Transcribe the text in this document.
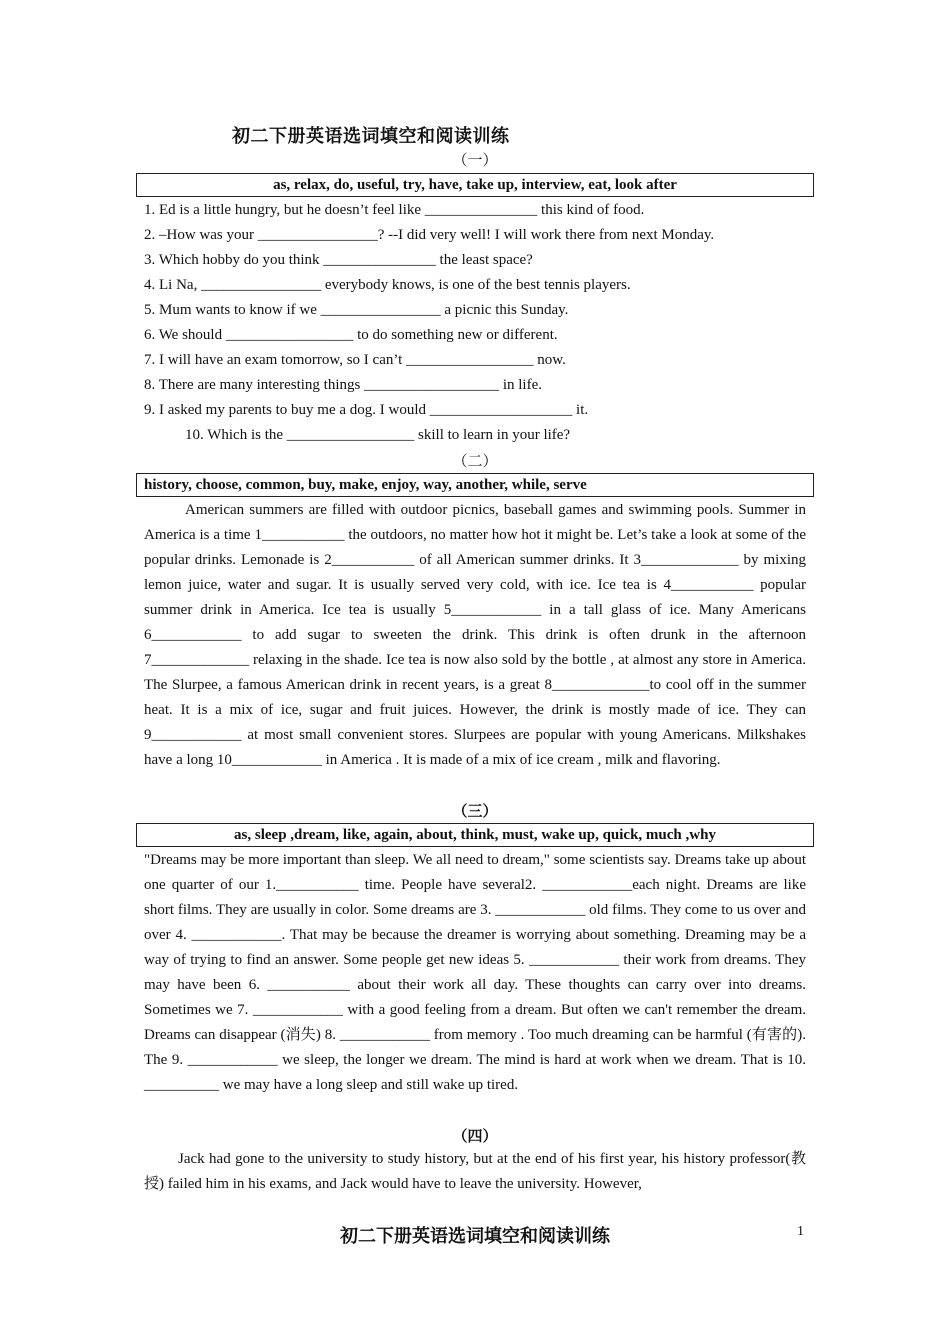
初二下册英语选词填空和阅读训练
（一）
as, relax, do, useful, try, have, take up, interview, eat, look after
1. Ed is a little hungry, but he doesn’t feel like _______________ this kind of food.
2. –How was your ________________? --I did very well! I will work there from next Monday.
3. Which hobby do you think _______________ the least space?
4. Li Na, ________________ everybody knows, is one of the best tennis players.
5. Mum wants to know if we ________________ a picnic this Sunday.
6. We should _________________ to do something new or different.
7. I will have an exam tomorrow, so I can’t _________________ now.
8. There are many interesting things __________________ in life.
9. I asked my parents to buy me a dog. I would ___________________ it.
10. Which is the _________________ skill to learn in your life?
（二）
history, choose, common, buy, make, enjoy, way, another, while, serve

American summers are filled with outdoor picnics, baseball games and swimming pools. Summer in America is a time 1___________ the outdoors, no matter how hot it might be. Let’s take a look at some of the popular drinks. Lemonade is 2___________ of all American summer drinks. It 3_____________ by mixing lemon juice, water and sugar. It is usually served very cold, with ice. Ice tea is 4___________ popular summer drink in America. Ice tea is usually 5____________ in a tall glass of ice. Many Americans 6____________ to add sugar to sweeten the drink. This drink is often drunk in the afternoon 7_____________ relaxing in the shade. Ice tea is now also sold by the bottle , at almost any store in America. The Slurpee, a famous American drink in recent years, is a great 8_____________to cool off in the summer heat. It is a mix of ice, sugar and fruit juices. However, the drink is mostly made of ice. They can 9____________ at most small convenient stores. Slurpees are popular with young Americans. Milkshakes have a long 10____________ in America . It is made of a mix of ice cream , milk and flavoring.

（三）
as, sleep ,dream, like, again, about, think, must, wake up, quick, much ,why

"Dreams may be more important than sleep. We all need to dream," some scientists say. Dreams take up about one quarter of our 1.___________ time. People have several2. ____________each night. Dreams are like short films. They are usually in color. Some dreams are 3. ____________ old films. They come to us over and over 4. ____________. That may be because the dreamer is worrying about something. Dreaming may be a way of trying to find an answer. Some people get new ideas 5. ____________ their work from dreams. They may have been 6. ___________ about their work all day. These thoughts can carry over into dreams. Sometimes we 7. ____________ with a good feeling from a dream. But often we can't remember the dream. Dreams can disappear (消失) 8. ____________ from memory . Too much dreaming can be harmful (有害的). The 9. ____________ we sleep, the longer we dream. The mind is hard at work when we dream. That is 10. __________ we may have a long sleep and still wake up tired.

（四）

Jack had gone to the university to study history, but at the end of his first year, his history professor(教授) failed him in his exams, and Jack would have to leave the university. However,

初二下册英语选词填空和阅读训练	1
